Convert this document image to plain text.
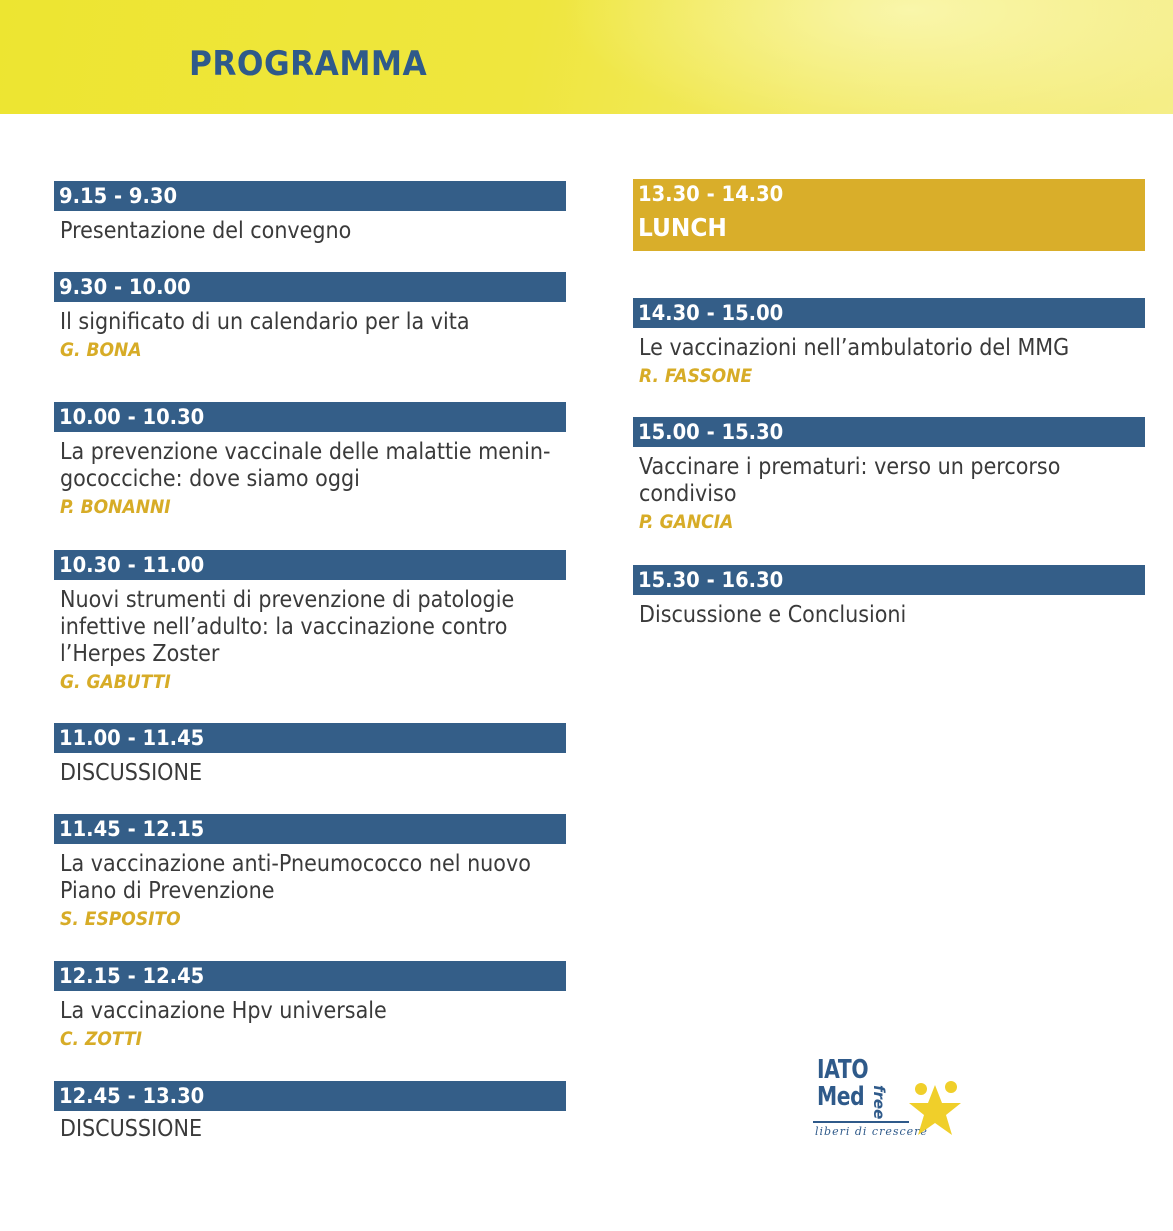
PROGRAMMA
9.15 - 9.30
Presentazione del convegno
9.30 - 10.00
Il significato di un calendario per la vita
G. BONA
10.00 - 10.30
La prevenzione vaccinale delle malattie menin-
gococciche: dove siamo oggi
P. BONANNI
10.30 - 11.00
Nuovi strumenti di prevenzione di patologie
infettive nell’adulto: la vaccinazione contro
l’Herpes Zoster
G. GABUTTI
11.00 - 11.45
DISCUSSIONE
11.45 - 12.15
La vaccinazione anti-Pneumococco nel nuovo
Piano di Prevenzione
S. ESPOSITO
12.15 - 12.45
La vaccinazione Hpv universale
C. ZOTTI
12.45 - 13.30
DISCUSSIONE
13.30 - 14.30
LUNCH
14.30 - 15.00
Le vaccinazioni nell’ambulatorio del MMG
R. FASSONE
15.00 - 15.30
Vaccinare i prematuri: verso un percorso
condiviso
P. GANCIA
15.30 - 16.30
Discussione e Conclusioni
IATO
Med free
liberi di crescere
